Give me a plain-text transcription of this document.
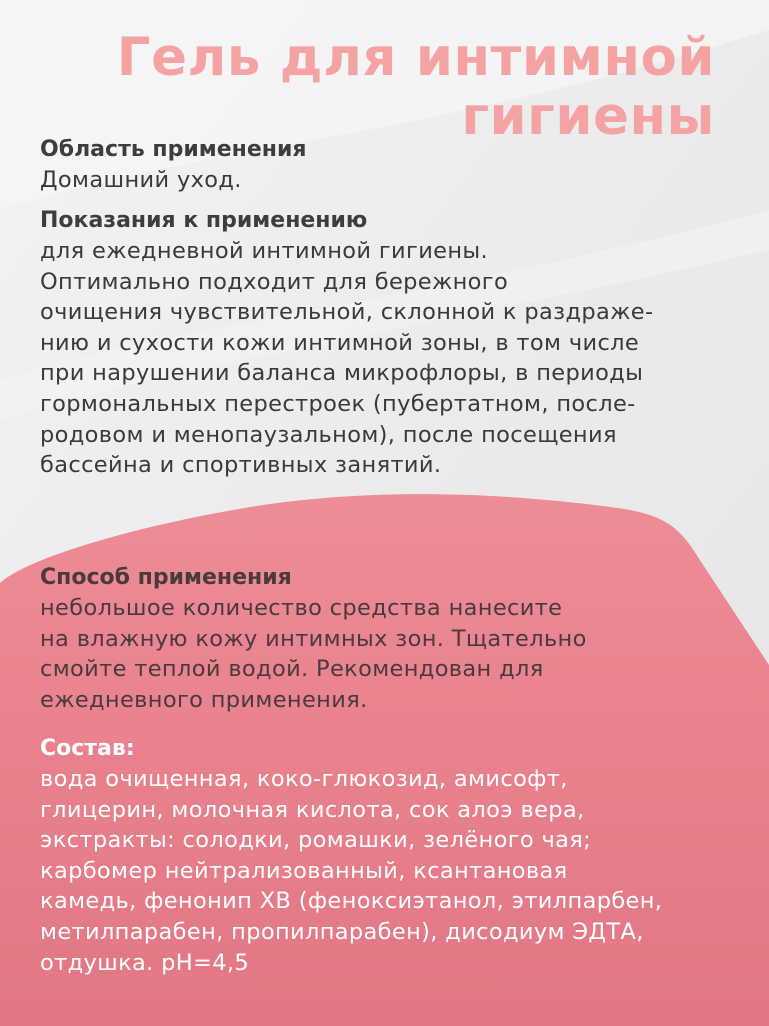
Гель для интимной
гигиены
Область применения
Домашний уход.
Показания к применению
для ежедневной интимной гигиены.
Оптимально подходит для бережного
очищения чувствительной, склонной к раздраже-
нию и сухости кожи интимной зоны, в том числе
при нарушении баланса микрофлоры, в периоды
гормональных перестроек (пубертатном, после-
родовом и менопаузальном), после посещения
бассейна и спортивных занятий.
Способ применения
небольшое количество средства нанесите
на влажную кожу интимных зон. Тщательно
смойте теплой водой. Рекомендован для
ежедневного применения.
Состав:
вода очищенная, коко-глюкозид, амисофт,
глицерин, молочная кислота, сок алоэ вера,
экстракты: солодки, ромашки, зелёного чая;
карбомер нейтрализованный, ксантановая
камедь, фенонип ХВ (феноксиэтанол, этилпарбен,
метилпарабен, пропилпарабен), дисодиум ЭДТА,
отдушка. pH=4,5
